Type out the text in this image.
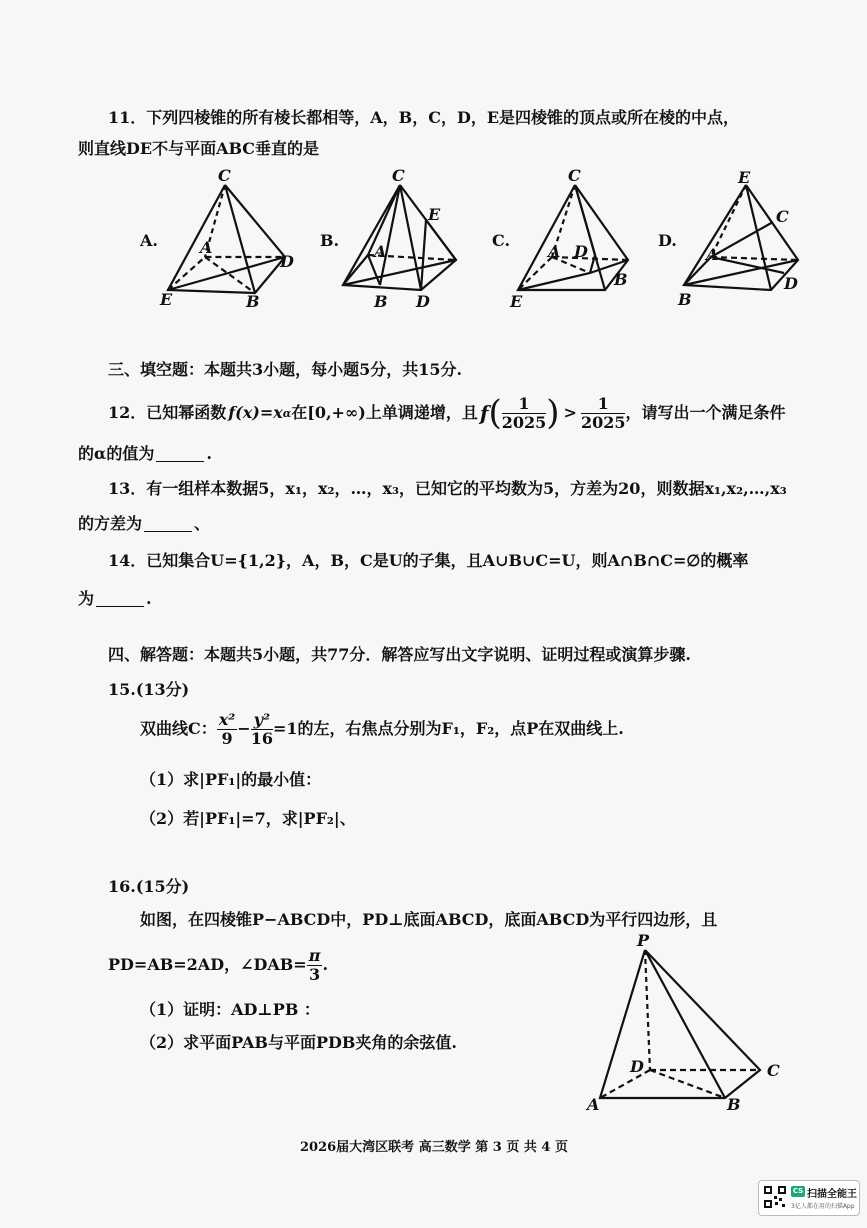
11．下列四棱锥的所有棱长都相等，A，B，C，D，E是四棱锥的顶点或所在棱的中点，
则直线DE不与平面ABC垂直的是
A.
C
A
D
E	B
B.
C
E
A
B D
C.
C
A D
B
E
D.
E
C
A
D
B
三、填空题：本题共3小题，每小题5分，共15分.
12．已知幂函数 f(x)=x α 在[0,+∞)上单调递增，且 f ( $\frac{1}{2025}$ ) > $\frac{1}{2025}$ ，请写出一个满足条件
的α的值为	.
13．有一组样本数据5，x₁，x₂，…，x₃，已知它的平均数为5，方差为20，则数据x₁,x₂,…,x₃
的方差为	、
14．已知集合U={1,2}，A，B，C是U的子集，且A∪B∪C=U，则A∩B∩C=∅的概率
为	.
四、解答题：本题共5小题，共77分．解答应写出文字说明、证明过程或演算步骤.
15.(13分)
双曲线C： $\frac{\text{x²}}{9} - \frac{\text{y²}}{16} =1$的左，右焦点分别为F₁，F₂，点P在双曲线上.
（1）求|PF₁|的最小值：
（2）若|PF₁|=7，求|PF₂|、
16.(15分)
如图，在四棱锥P−ABCD中，PD⊥底面ABCD，底面ABCD为平行四边形，且
PD=AB=2AD，∠DAB= $\frac{\pi}{3}$ .
（1）证明：AD⊥PB ：
（2）求平面PAB与平面PDB夹角的余弦值.
P
D	C
A	B
2026届大湾区联考 高三数学 第 3 页 共 4 页
CS 扫描全能王
3亿人都在用的扫描App
